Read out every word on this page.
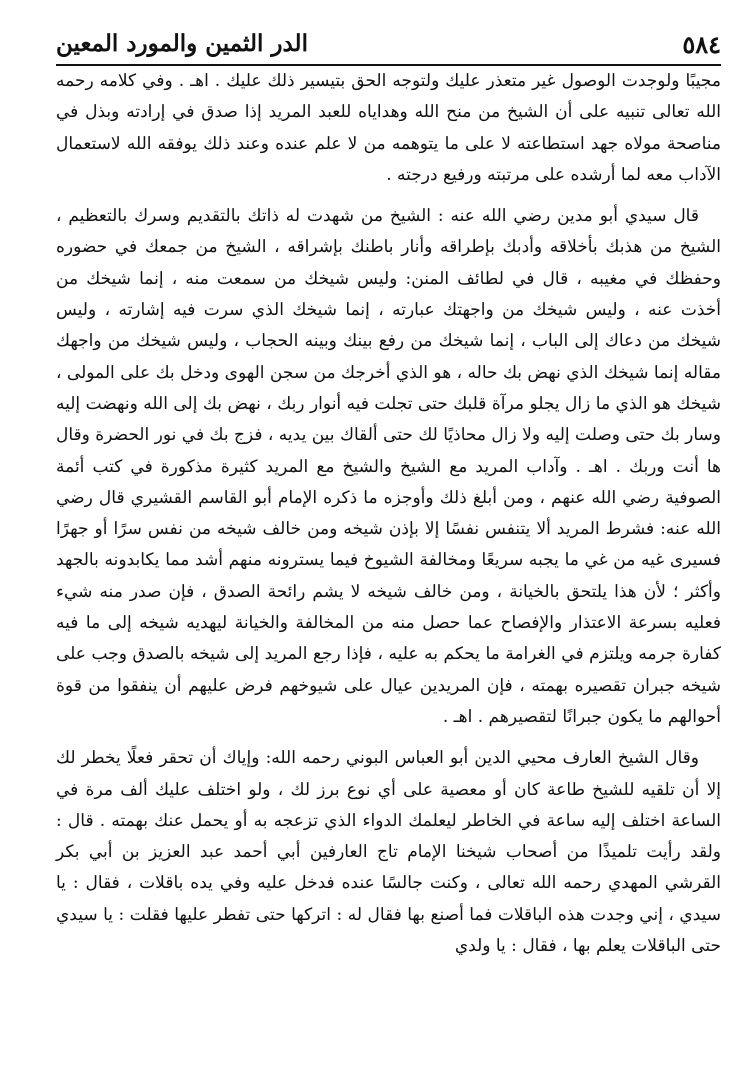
٥٨٤
الدر الثمين والمورد المعين

مجيبًا ولوجدت الوصول غير متعذر عليك ولتوجه الحق بتيسير ذلك عليك . اهـ . وفي كلامه رحمه الله تعالى تنبيه على أن الشيخ من منح الله وهداياه للعبد المريد إذا صدق في إرادته وبذل في مناصحة مولاه جهد استطاعته لا على ما يتوهمه من لا علم عنده وعند ذلك يوفقه الله لاستعمال الآداب معه لما أرشده على مرتبته ورفيع درجته .

قال سيدي أبو مدين رضي الله عنه : الشيخ من شهدت له ذاتك بالتقديم وسرك بالتعظيم ، الشيخ من هذبك بأخلاقه وأدبك بإطراقه وأنار باطنك بإشراقه ، الشيخ من جمعك في حضوره وحفظك في مغيبه ، قال في لطائف المنن: وليس شيخك من سمعت منه ، إنما شيخك من أخذت عنه ، وليس شيخك من واجهتك عبارته ، إنما شيخك الذي سرت فيه إشارته ، وليس شيخك من دعاك إلى الباب ، إنما شيخك من رفع بينك وبينه الحجاب ، وليس شيخك من واجهك مقاله إنما شيخك الذي نهض بك حاله ، هو الذي أخرجك من سجن الهوى ودخل بك على المولى ، شيخك هو الذي ما زال يجلو مرآة قلبك حتى تجلت فيه أنوار ربك ، نهض بك إلى الله ونهضت إليه وسار بك حتى وصلت إليه ولا زال محاذيًا لك حتى ألقاك بين يديه ، فزج بك في نور الحضرة وقال ها أنت وربك . اهـ . وآداب المريد مع الشيخ والشيخ مع المريد كثيرة مذكورة في كتب أئمة الصوفية رضي الله عنهم ، ومن أبلغ ذلك وأوجزه ما ذكره الإمام أبو القاسم القشيري قال رضي الله عنه: فشرط المريد ألا يتنفس نفسًا إلا بإذن شيخه ومن خالف شيخه من نفس سرًا أو جهرًا فسيرى غيه من غي ما يجبه سريعًا ومخالفة الشيوخ فيما يسترونه منهم أشد مما يكابدونه بالجهد وأكثر ؛ لأن هذا يلتحق بالخيانة ، ومن خالف شيخه لا يشم رائحة الصدق ، فإن صدر منه شيء فعليه بسرعة الاعتذار والإفصاح عما حصل منه من المخالفة والخيانة ليهديه شيخه إلى ما فيه كفارة جرمه ويلتزم في الغرامة ما يحكم به عليه ، فإذا رجع المريد إلى شيخه بالصدق وجب على شيخه جبران تقصيره بهمته ، فإن المريدين عيال على شيوخهم فرض عليهم أن ينفقوا من قوة أحوالهم ما يكون جبرانًا لتقصيرهم . اهـ .

وقال الشيخ العارف محيي الدين أبو العباس البوني رحمه الله: وإياك أن تحقر فعلًا يخطر لك إلا أن تلقيه للشيخ طاعة كان أو معصية على أي نوع برز لك ، ولو اختلف عليك ألف مرة في الساعة اختلف إليه ساعة في الخاطر ليعلمك الدواء الذي تزعجه به أو يحمل عنك بهمته . قال : ولقد رأيت تلميذًا من أصحاب شيخنا الإمام تاج العارفين أبي أحمد عبد العزيز بن أبي بكر القرشي المهدي رحمه الله تعالى ، وكنت جالسًا عنده فدخل عليه وفي يده باقلات ، فقال : يا سيدي ، إني وجدت هذه الباقلات فما أصنع بها فقال له : اتركها حتى تفطر عليها فقلت : يا سيدي حتى الباقلات يعلم بها ، فقال : يا ولدي
